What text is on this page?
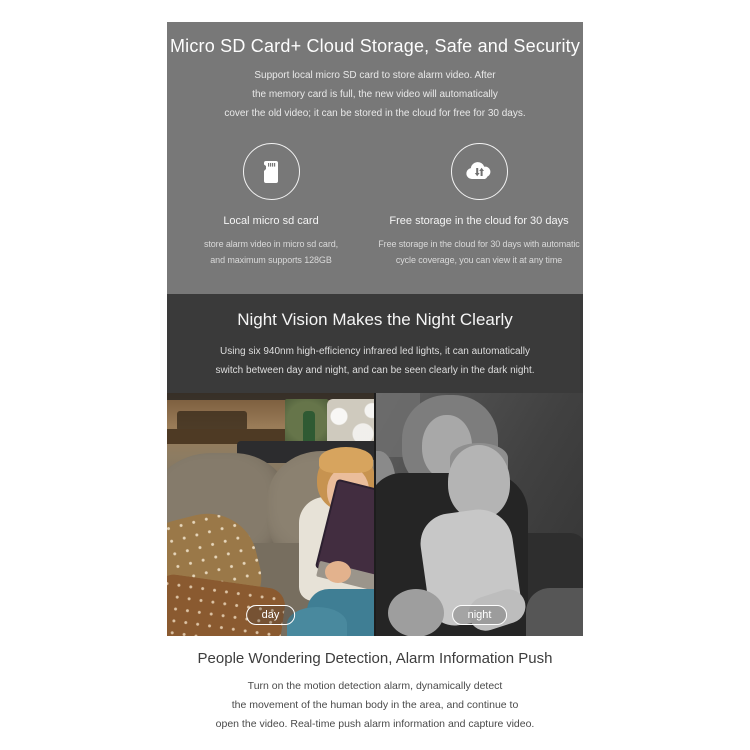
Micro SD Card+ Cloud Storage, Safe and Security
Support local micro SD card to store alarm video. After
the memory card is full, the new video will automatically
cover the old video; it can be stored in the cloud for free for 30 days.
Local micro sd card
store alarm video in micro sd card,
and maximum supports 128GB
Free storage in the cloud for 30 days
Free storage in the cloud for 30 days with automatic
cycle coverage, you can view it at any time
Night Vision Makes the Night Clearly
Using six 940nm high-efficiency infrared led lights, it can automatically
switch between day and night, and can be seen clearly in the dark night.
day	night
People Wondering Detection, Alarm Information Push
Turn on the motion detection alarm, dynamically detect
the movement of the human body in the area, and continue to
open the video. Real-time push alarm information and capture video.
